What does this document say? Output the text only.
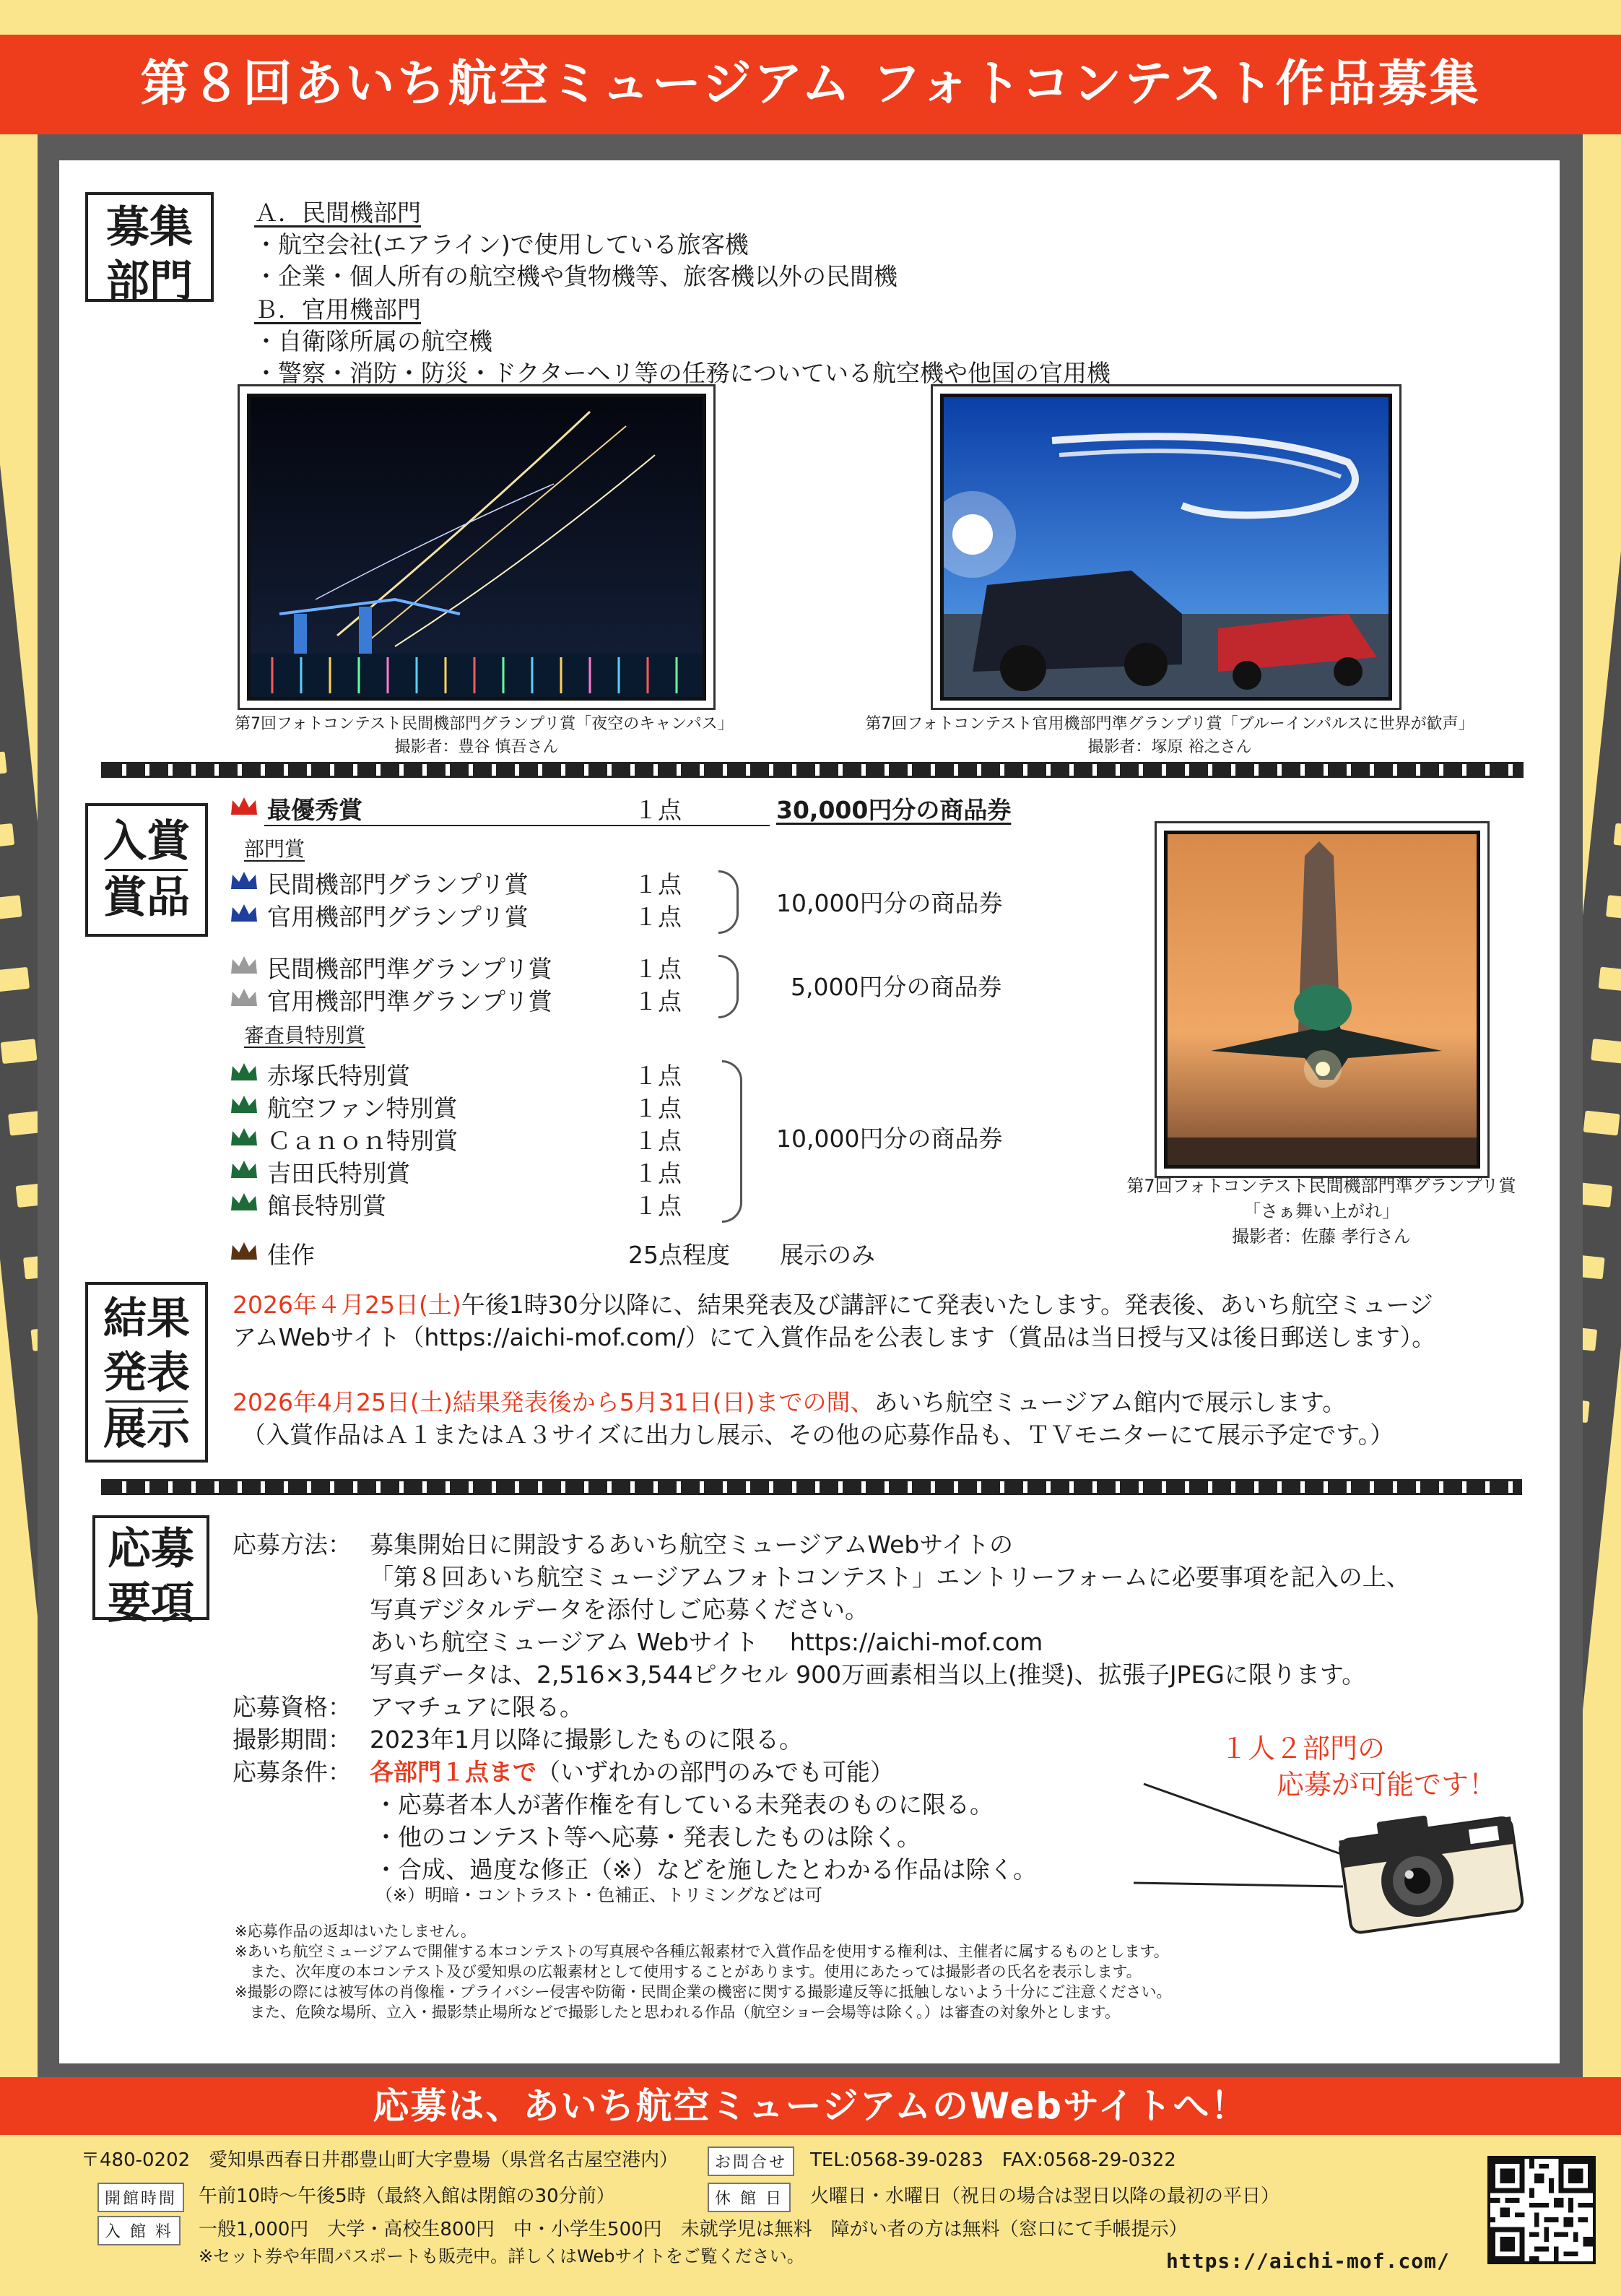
第８回あいち航空ミュージアム フォトコンテスト作品募集
募集
部門
Ａ．民間機部門
・航空会社(エアライン)で使用している旅客機
・企業・個人所有の航空機や貨物機等、旅客機以外の民間機
Ｂ．官用機部門
・自衛隊所属の航空機
・警察・消防・防災・ドクターヘリ等の任務についている航空機や他国の官用機
第7回フォトコンテスト民間機部門グランプリ賞「夜空のキャンパス」
撮影者：豊谷 慎吾さん
第7回フォトコンテスト官用機部門準グランプリ賞「ブルーインパルスに世界が歓声」
撮影者：塚原 裕之さん
入賞
賞品
最優秀賞	１点	30,000円分の商品券
部門賞
民間機部門グランプリ賞	１点
官用機部門グランプリ賞	１点	10,000円分の商品券
民間機部門準グランプリ賞	１点
官用機部門準グランプリ賞	１点
5,000円分の商品券
審査員特別賞
赤塚氏特別賞	１点
航空ファン特別賞	１点
Ｃａｎｏｎ特別賞	１点
吉田氏特別賞	１点
館長特別賞	１点
10,000円分の商品券
佳作	25点程度 展示のみ
第7回フォトコンテスト民間機部門準グランプリ賞
「さぁ舞い上がれ」
撮影者：佐藤 孝行さん
結果
発表
展示
2026年４月25日(土)午後1時30分以降に、結果発表及び講評にて発表いたします。発表後、あいち航空ミュージ
アムWebサイト（https://aichi-mof.com/）にて入賞作品を公表します（賞品は当日授与又は後日郵送します）。
2026年4月25日(土)結果発表後から5月31日(日)までの間、あいち航空ミュージアム館内で展示します。
（入賞作品はＡ１またはＡ３サイズに出力し展示、その他の応募作品も、ＴＶモニターにて展示予定です。）
応募
要項
応募方法： 募集開始日に開設するあいち航空ミュージアムWebサイトの
「第８回あいち航空ミュージアムフォトコンテスト」エントリーフォームに必要事項を記入の上、
写真デジタルデータを添付しご応募ください。
あいち航空ミュージアム Webサイト　 https://aichi-mof.com
写真データは、2,516×3,544ピクセル 900万画素相当以上(推奨)、拡張子JPEGに限ります。
応募資格： アマチュアに限る。
撮影期間： 2023年1月以降に撮影したものに限る。
応募条件： 各部門１点まで（いずれかの部門のみでも可能）
・応募者本人が著作権を有している未発表のものに限る。
・他のコンテスト等へ応募・発表したものは除く。
・合成、過度な修正（※）などを施したとわかる作品は除く。
（※）明暗・コントラスト・色補正、トリミングなどは可
１人２部門の
応募が可能です！
※応募作品の返却はいたしません。
※あいち航空ミュージアムで開催する本コンテストの写真展や各種広報素材で入賞作品を使用する権利は、主催者に属するものとします。
　また、次年度の本コンテスト及び愛知県の広報素材として使用することがあります。使用にあたっては撮影者の氏名を表示します。
※撮影の際には被写体の肖像権・プライバシー侵害や防衛・民間企業の機密に関する撮影違反等に抵触しないよう十分にご注意ください。
　また、危険な場所、立入・撮影禁止場所などで撮影したと思われる作品（航空ショー会場等は除く。）は審査の対象外とします。
応募は、あいち航空ミュージアムのWebサイトへ！
〒480-0202　愛知県西春日井郡豊山町大字豊場（県営名古屋空港内）	お問合せ	TEL:0568-39-0283　FAX:0568-29-0322
開館時間	午前10時～午後5時（最終入館は閉館の30分前）	休 館 日	火曜日・水曜日（祝日の場合は翌日以降の最初の平日）
入 館 料	一般1,000円　大学・高校生800円　中・小学生500円　未就学児は無料　障がい者の方は無料（窓口にて手帳提示）
※セット券や年間パスポートも販売中。詳しくはWebサイトをご覧ください。	https://aichi-mof.com/
